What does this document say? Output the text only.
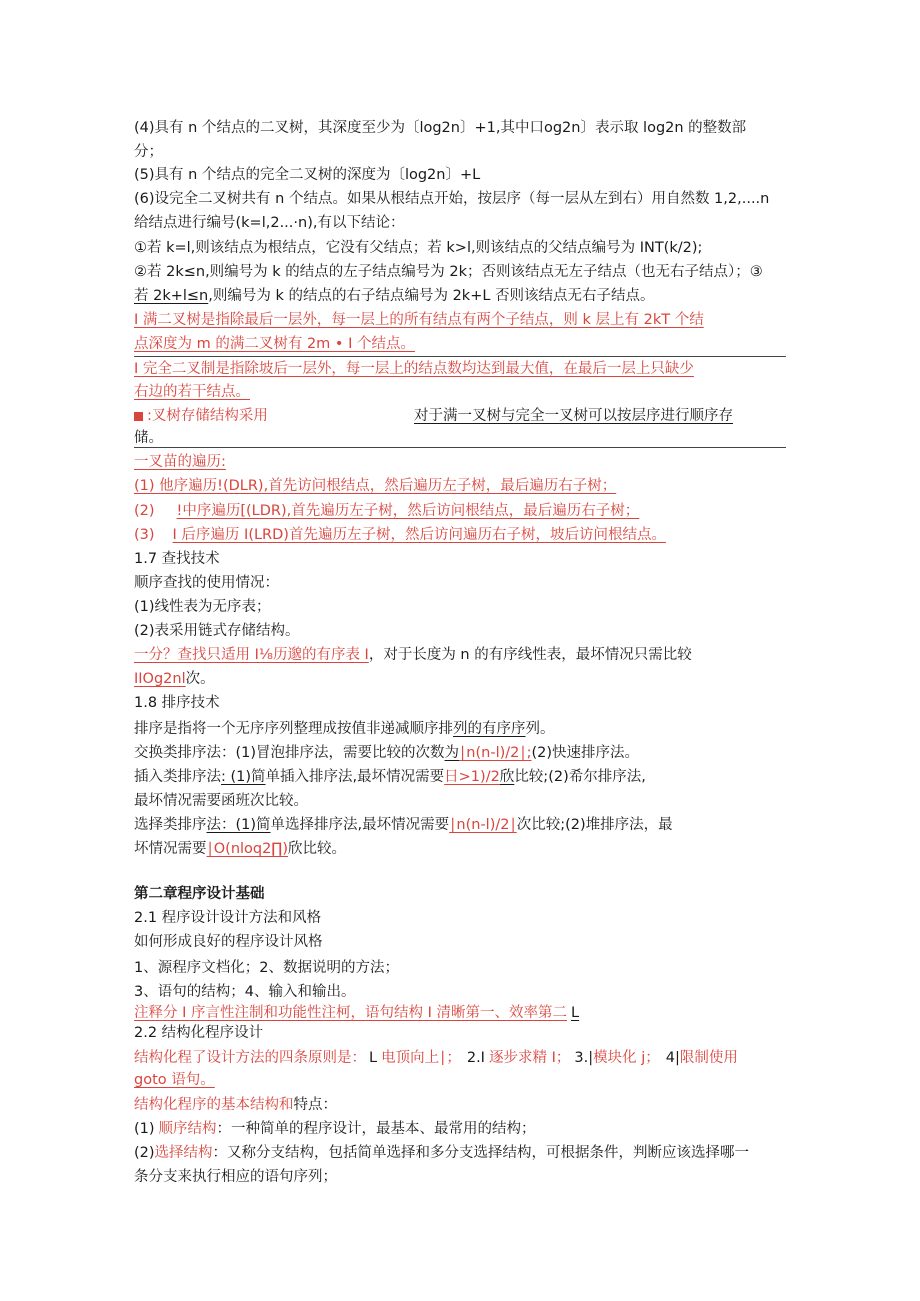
(4)具有 n 个结点的二叉树，其深度至少为〔log2n〕+1,其中口og2n〕表示取 log2n 的整数部
分；
(5)具有 n 个结点的完全二叉树的深度为〔log2n〕+L
(6)设完全二叉树共有 n 个结点。如果从根结点开始，按层序（每一层从左到右）用自然数 1,2,....n
给结点进行编号(k=l,2...·n),有以下结论：
①若 k=l,则该结点为根结点，它没有父结点；若 k>l,则该结点的父结点编号为 INT(k/2);
②若 2k≤n,则编号为 k 的结点的左子结点编号为 2k；否则该结点无左子结点（也无右子结点）；③
若 2k+l≤n,则编号为 k 的结点的右子结点编号为 2k+L 否则该结点无右子结点。
I 满二叉树是指除最后一层外，每一层上的所有结点有两个子结点，则 k 层上有 2kT 个结
点深度为 m 的满二叉树有 2m • I 个结点。
I 完全二叉制是指除坡后一层外，每一层上的结点数均达到最大值，在最后一层上只缺少
右边的若干结点。
:叉树存储结构采用	对于满一叉树与完全一叉树可以按层序进行顺序存
储。
一叉苗的遍历:
(1) 他序遍历!(DLR),首先访问根结点，然后遍历左子树，最后遍历右子树；
(2) !中序遍历[(LDR),首先遍历左子树，然后访问根结点，最后遍历右子树；
(3) I 后序遍历 I(LRD)首先遍历左子树，然后访问遍历右子树，坡后访问根结点。
1.7 查找技术
顺序查找的使用情况：
(1)线性表为无序表；
(2)表采用链式存储结构。
一分？查找只适用 I⅛历邈的有序表 I，对于长度为 n 的有序线性表，最坏情况只需比较
IIOg2nl次。
1.8 排序技术
排序是指将一个无序序列整理成按值非递减顺序排列的有序序列。
交换类排序法：(1)冒泡排序法，需要比较的次数为∣n(n-l)∕2∣;(2)快速排序法。
插入类排序法: (1)简单插入排序法,最坏情况需要日>1)/2欣比较;(2)希尔排序法,
最坏情况需要函班次比较。
选择类排序法：(1)简单选择排序法,最坏情况需要∣n(n-l)∕2∣次比较;(2)堆排序法，最
坏情况需要∣O(nloq2∏)欣比较。
第二章程序设计基础
2.1 程序设计设计方法和风格
如何形成良好的程序设计风格
1、源程序文档化；2、数据说明的方法；
3、语句的结构；4、输入和输出。
注释分 I 序言性注制和功能性注柯，语句结构 I 清晰第一、效率第二 L
2.2 结构化程序设计
结构化程了设计方法的四条原则是： L 电顶向上∣； 2.I 逐步求精 I； 3.|模块化 j； 4|限制使用
goto 语句。
结构化程序的基本结构和特点：
(1) 顺序结构：一种简单的程序设计，最基本、最常用的结构；
(2)选择结构：又称分支结构，包括简单选择和多分支选择结构，可根据条件，判断应该选择哪一
条分支来执行相应的语句序列；
